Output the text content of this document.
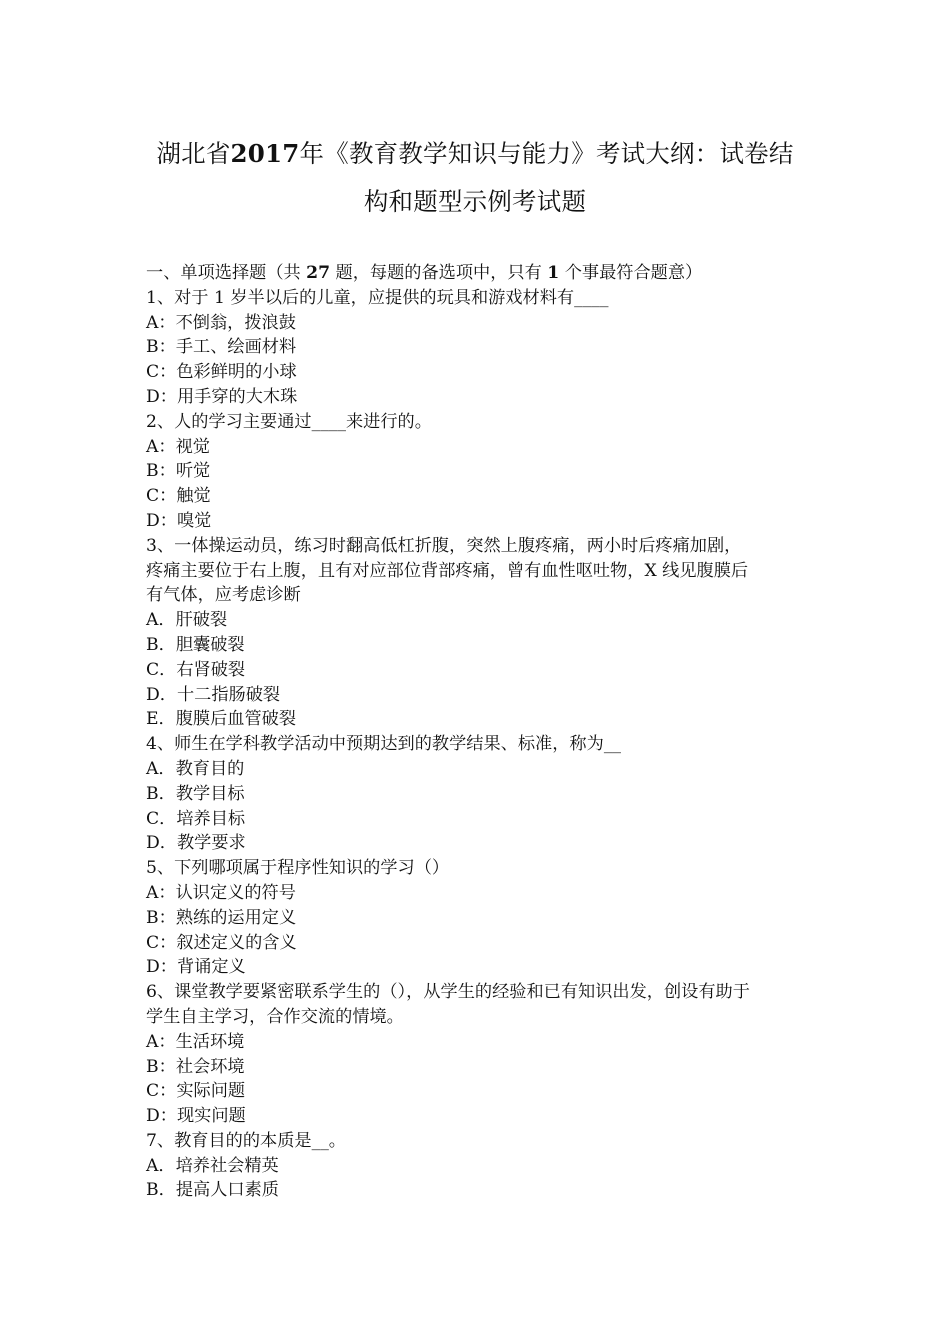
湖北省2017年《教育教学知识与能力》考试大纲：试卷结
构和题型示例考试题
一、单项选择题（共 27 题，每题的备选项中，只有 1 个事最符合题意）
1、对于 1 岁半以后的儿童，应提供的玩具和游戏材料有____
A：不倒翁，拨浪鼓
B：手工、绘画材料
C：色彩鲜明的小球
D：用手穿的大木珠
2、人的学习主要通过____来进行的。
A：视觉
B：听觉
C：触觉
D：嗅觉
3、一体操运动员，练习时翻高低杠折腹，突然上腹疼痛，两小时后疼痛加剧，
疼痛主要位于右上腹，且有对应部位背部疼痛，曾有血性呕吐物，X 线见腹膜后
有气体，应考虑诊断
A．肝破裂
B．胆囊破裂
C．右肾破裂
D．十二指肠破裂
E．腹膜后血管破裂
4、师生在学科教学活动中预期达到的教学结果、标准，称为__
A．教育目的
B．教学目标
C．培养目标
D．教学要求
5、下列哪项属于程序性知识的学习（）
A：认识定义的符号
B：熟练的运用定义
C：叙述定义的含义
D：背诵定义
6、课堂教学要紧密联系学生的（），从学生的经验和已有知识出发，创设有助于
学生自主学习，合作交流的情境。
A：生活环境
B：社会环境
C：实际问题
D：现实问题
7、教育目的的本质是__。
A．培养社会精英
B．提高人口素质
